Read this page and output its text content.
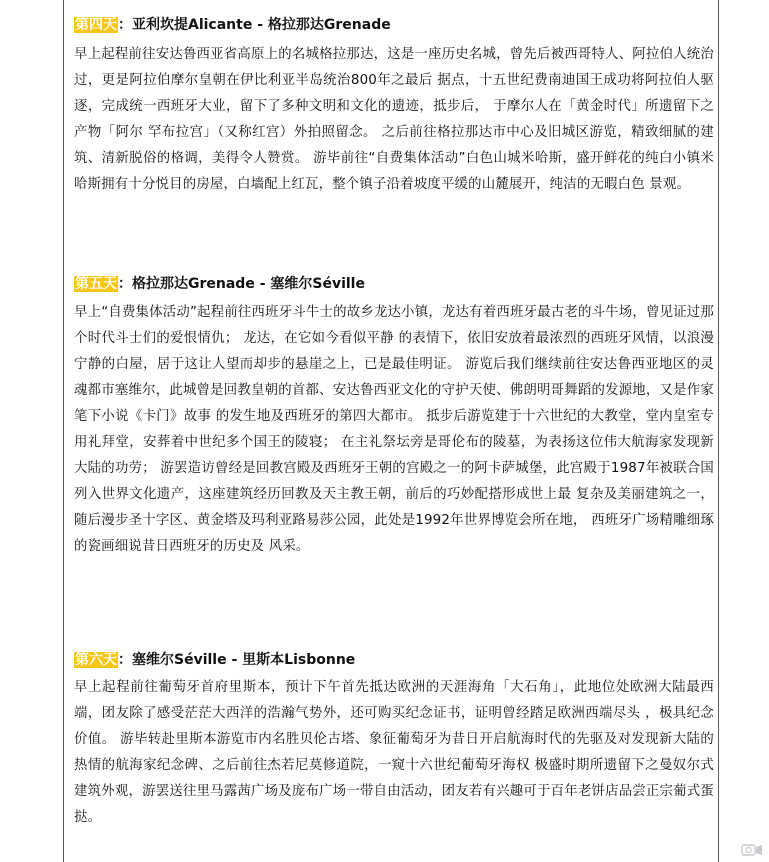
第四天：亚利坎提Alicante - 格拉那达Grenade

早上起程前往安达鲁西亚省高原上的名城格拉那达，这是一座历史名城，曾先后被西哥特人、阿拉伯人统治过，更是阿拉伯摩尔皇朝在伊比利亚半岛统治800年之最后 据点，十五世纪费南迪国王成功将阿拉伯人驱逐，完成统一西班牙大业，留下了多种文明和文化的遗迹，抵步后， 于摩尔人在「黄金时代」所遗留下之产物「阿尔 罕布拉宫」（又称红宫）外拍照留念。 之后前往格拉那达市中心及旧城区游览，精致细腻的建筑、清新脱俗的格调，美得令人赞赏。 游毕前往“自费集体活动”白色山城米哈斯，盛开鲜花的纯白小镇米哈斯拥有十分悦目的房屋，白墙配上红瓦，整个镇子沿着坡度平缓的山麓展开，纯洁的无暇白色 景观。

第五天：格拉那达Grenade - 塞维尔Séville

早上“自费集体活动”起程前往西班牙斗牛士的故乡龙达小镇，龙达有着西班牙最古老的斗牛场，曾见证过那个时代斗士们的爱恨情仇； 龙达，在它如今看似平静 的表情下，依旧安放着最浓烈的西班牙风情，以浪漫宁静的白屋，居于这让人望而却步的悬崖之上，已是最佳明证。 游览后我们继续前往安达鲁西亚地区的灵魂都市塞维尔，此城曾是回教皇朝的首都、安达鲁西亚文化的守护天使、佛朗明哥舞蹈的发源地，又是作家笔下小说《卡门》故事 的发生地及西班牙的第四大都市。 抵步后游览建于十六世纪的大教堂，堂内皇室专用礼拜堂，安葬着中世纪多个国王的陵寝； 在主礼祭坛旁是哥伦布的陵墓，为表扬这位伟大航海家发现新大陆的功劳； 游罢造访曾经是回教宫殿及西班牙王朝的宫殿之一的阿卡萨城堡，此宫殿于1987年被联合国列入世界文化遗产，这座建筑经历回教及天主教王朝，前后的巧妙配搭形成世上最 复杂及美丽建筑之一，随后漫步圣十字区、黄金塔及玛利亚路易莎公园，此处是1992年世界博览会所在地， 西班牙广场精雕细琢的瓷画细说昔日西班牙的历史及 风采。

第六天：塞维尔Séville - 里斯本Lisbonne

早上起程前往葡萄牙首府里斯本，预计下午首先抵达欧洲的天涯海角「大石角」，此地位处欧洲大陆最西端，团友除了感受茫茫大西洋的浩瀚气势外，还可购买纪念证书，证明曾经踏足欧洲西端尽头 ，极具纪念价值。 游毕转赴里斯本游览市内名胜贝伦古塔、象征葡萄牙为昔日开启航海时代的先驱及对发现新大陆的热情的航海家纪念碑、之后前往杰若尼莫修道院，一窥十六世纪葡萄牙海权 极盛时期所遗留下之曼奴尔式建筑外观，游罢送往里马露茜广场及庞布广场一带自由活动，团友若有兴趣可于百年老饼店品尝正宗葡式蛋挞。
